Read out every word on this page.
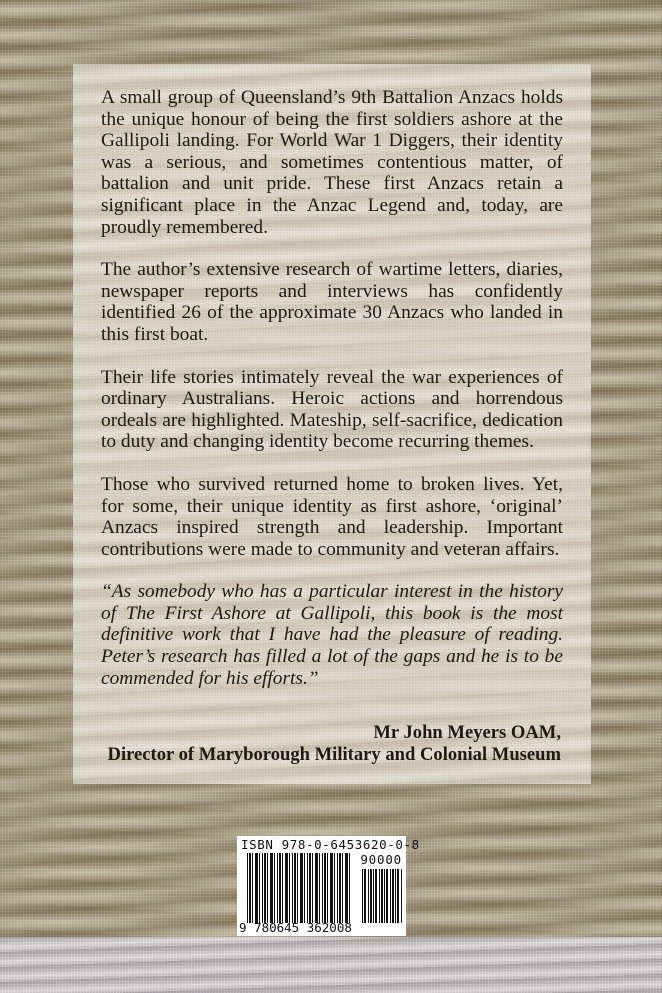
A small group of Queensland’s 9th Battalion Anzacs holds the unique honour of being the first soldiers ashore at the Gallipoli landing. For World War 1 Diggers, their identity was a serious, and sometimes contentious matter, of battalion and unit pride. These first Anzacs retain a significant place in the Anzac Legend and, today, are proudly remembered.

The author’s extensive research of wartime letters, diaries, newspaper reports and interviews has confidently identified 26 of the approximate 30 Anzacs who landed in this first boat.

Their life stories intimately reveal the war experiences of ordinary Australians. Heroic actions and horrendous ordeals are highlighted. Mateship, self-sacrifice, dedication to duty and changing identity become recurring themes.

Those who survived returned home to broken lives. Yet, for some, their unique identity as first ashore, ‘original’ Anzacs inspired strength and leadership. Important contributions were made to community and veteran affairs.

“As somebody who has a particular interest in the history of The First Ashore at Gallipoli, this book is the most definitive work that I have had the pleasure of reading. Peter’s research has filled a lot of the gaps and he is to be commended for his efforts.”

Mr John Meyers OAM,
Director of Maryborough Military and Colonial Museum
ISBN 978-0-6453620-0-8
90000
9 780645 362008
